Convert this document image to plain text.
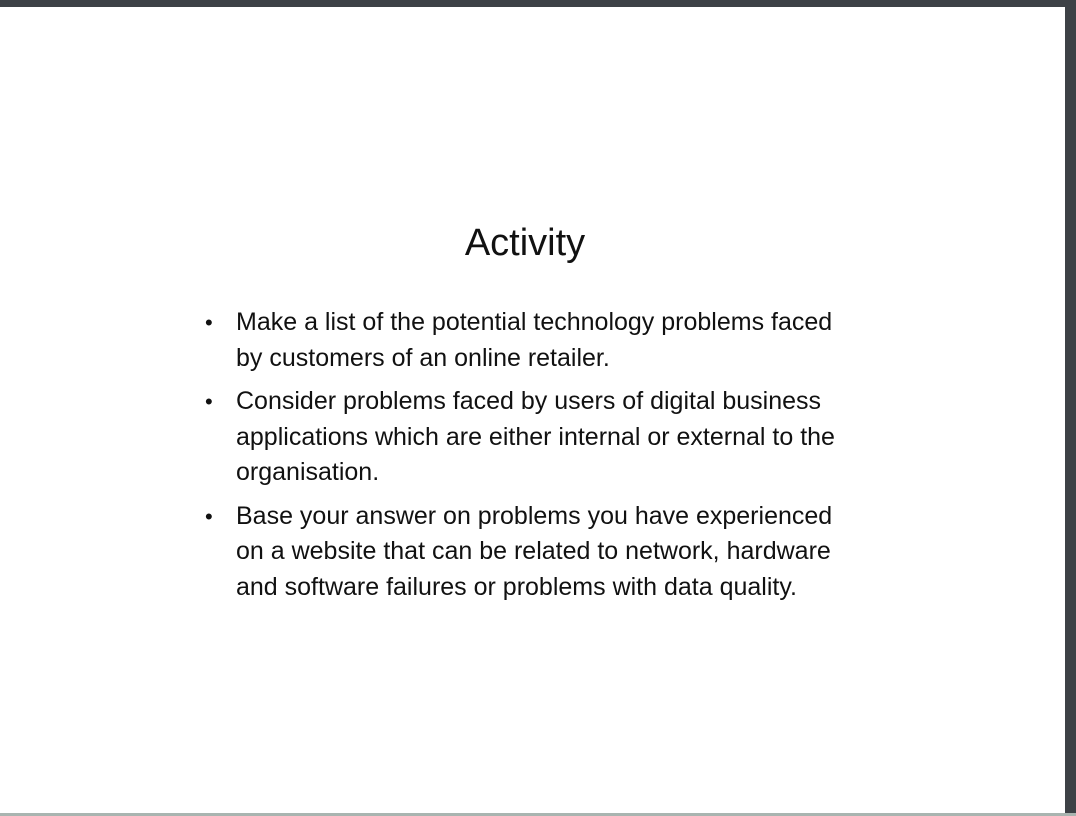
Activity
• Make a list of the potential technology problems faced by customers of an online retailer.
• Consider problems faced by users of digital business applications which are either internal or external to the organisation.
• Base your answer on problems you have experienced on a website that can be related to network, hardware and software failures or problems with data quality.
